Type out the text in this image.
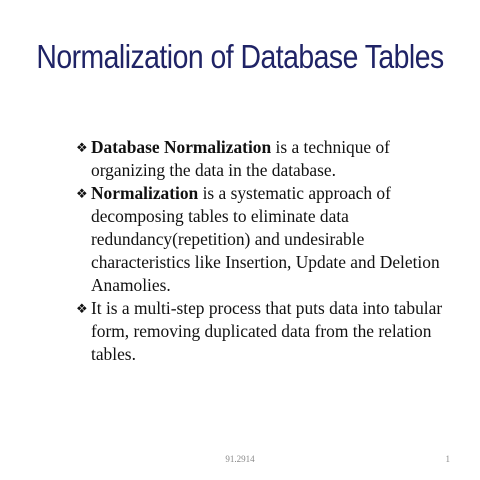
Normalization of Database Tables
❖ Database Normalization is a technique of organizing the data in the database.
❖ Normalization is a systematic approach of decomposing tables to eliminate data redundancy(repetition) and undesirable characteristics like Insertion, Update and Deletion Anamolies.
❖ It is a multi-step process that puts data into tabular form, removing duplicated data from the relation tables.
91.2914	1
